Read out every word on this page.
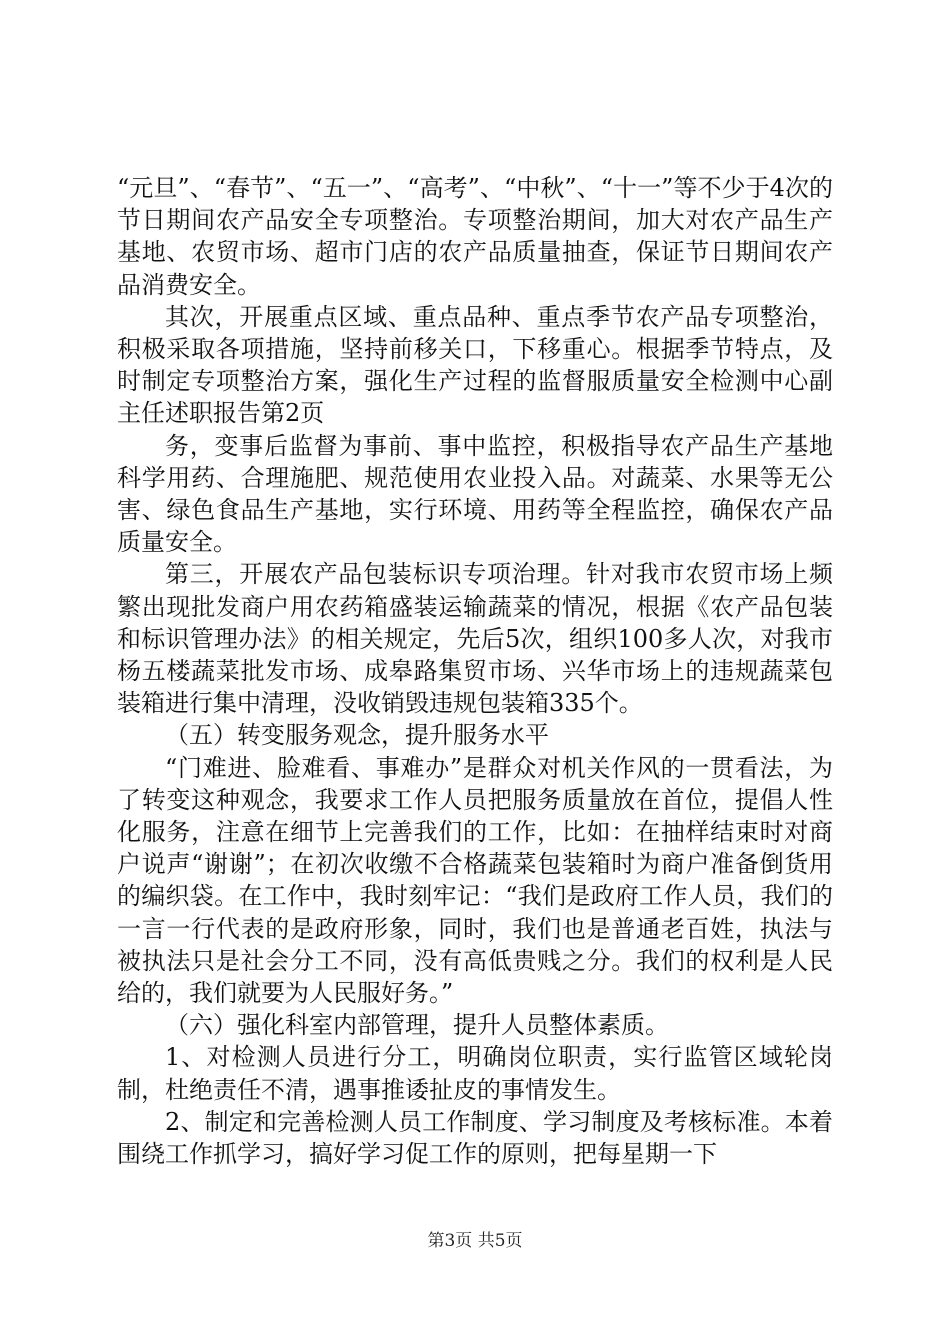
“元旦”、“春节”、“五一”、“高考”、“中秋”、“十一”等不少于4次的节日期间农产品安全专项整治。专项整治期间，加大对农产品生产基地、农贸市场、超市门店的农产品质量抽查，保证节日期间农产品消费安全。

其次，开展重点区域、重点品种、重点季节农产品专项整治，积极采取各项措施，坚持前移关口，下移重心。根据季节特点，及时制定专项整治方案，强化生产过程的监督服质量安全检测中心副主任述职报告第2页

务，变事后监督为事前、事中监控，积极指导农产品生产基地科学用药、合理施肥、规范使用农业投入品。对蔬菜、水果等无公害、绿色食品生产基地，实行环境、用药等全程监控，确保农产品质量安全。

第三，开展农产品包装标识专项治理。针对我市农贸市场上频繁出现批发商户用农药箱盛装运输蔬菜的情况，根据《农产品包装和标识管理办法》的相关规定，先后5次，组织100多人次，对我市杨五楼蔬菜批发市场、成皋路集贸市场、兴华市场上的违规蔬菜包装箱进行集中清理，没收销毁违规包装箱335个。

（五）转变服务观念，提升服务水平

“门难进、脸难看、事难办”是群众对机关作风的一贯看法，为了转变这种观念，我要求工作人员把服务质量放在首位，提倡人性化服务，注意在细节上完善我们的工作，比如：在抽样结束时对商户说声“谢谢”；在初次收缴不合格蔬菜包装箱时为商户准备倒货用的编织袋。在工作中，我时刻牢记：“我们是政府工作人员，我们的一言一行代表的是政府形象，同时，我们也是普通老百姓，执法与被执法只是社会分工不同，没有高低贵贱之分。我们的权利是人民给的，我们就要为人民服好务。”

（六）强化科室内部管理，提升人员整体素质。

1、对检测人员进行分工，明确岗位职责，实行监管区域轮岗制，杜绝责任不清，遇事推诿扯皮的事情发生。

2、制定和完善检测人员工作制度、学习制度及考核标准。本着围绕工作抓学习，搞好学习促工作的原则，把每星期一下

第3页 共5页
